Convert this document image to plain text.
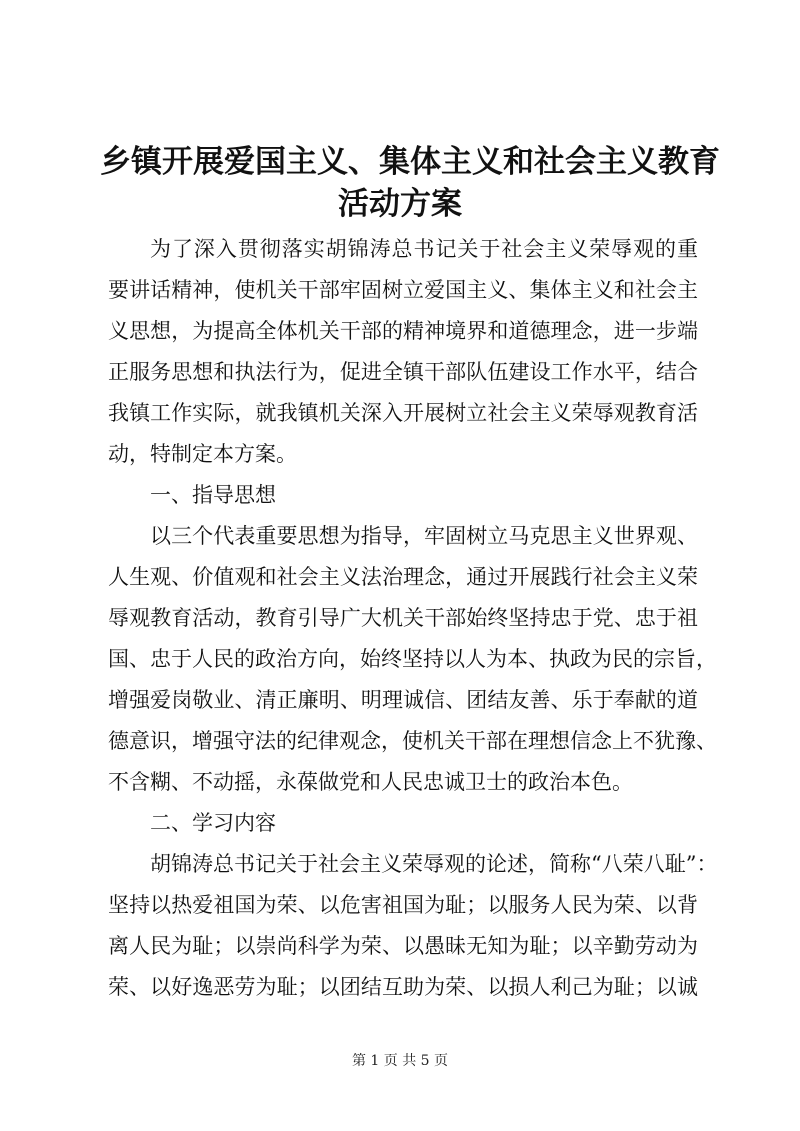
乡镇开展爱国主义、集体主义和社会主义教育
活动方案
为了深入贯彻落实胡锦涛总书记关于社会主义荣辱观的重
要讲话精神，使机关干部牢固树立爱国主义、集体主义和社会主
义思想，为提高全体机关干部的精神境界和道德理念，进一步端
正服务思想和执法行为，促进全镇干部队伍建设工作水平，结合
我镇工作实际，就我镇机关深入开展树立社会主义荣辱观教育活
动，特制定本方案。
一、指导思想
以三个代表重要思想为指导，牢固树立马克思主义世界观、
人生观、价值观和社会主义法治理念，通过开展践行社会主义荣
辱观教育活动，教育引导广大机关干部始终坚持忠于党、忠于祖
国、忠于人民的政治方向，始终坚持以人为本、执政为民的宗旨，
增强爱岗敬业、清正廉明、明理诚信、团结友善、乐于奉献的道
德意识，增强守法的纪律观念，使机关干部在理想信念上不犹豫、
不含糊、不动摇，永葆做党和人民忠诚卫士的政治本色。
二、学习内容
胡锦涛总书记关于社会主义荣辱观的论述，简称“八荣八耻”：
坚持以热爱祖国为荣、以危害祖国为耻；以服务人民为荣、以背
离人民为耻；以崇尚科学为荣、以愚昧无知为耻；以辛勤劳动为
荣、以好逸恶劳为耻；以团结互助为荣、以损人利己为耻；以诚
第 1 页 共 5 页
